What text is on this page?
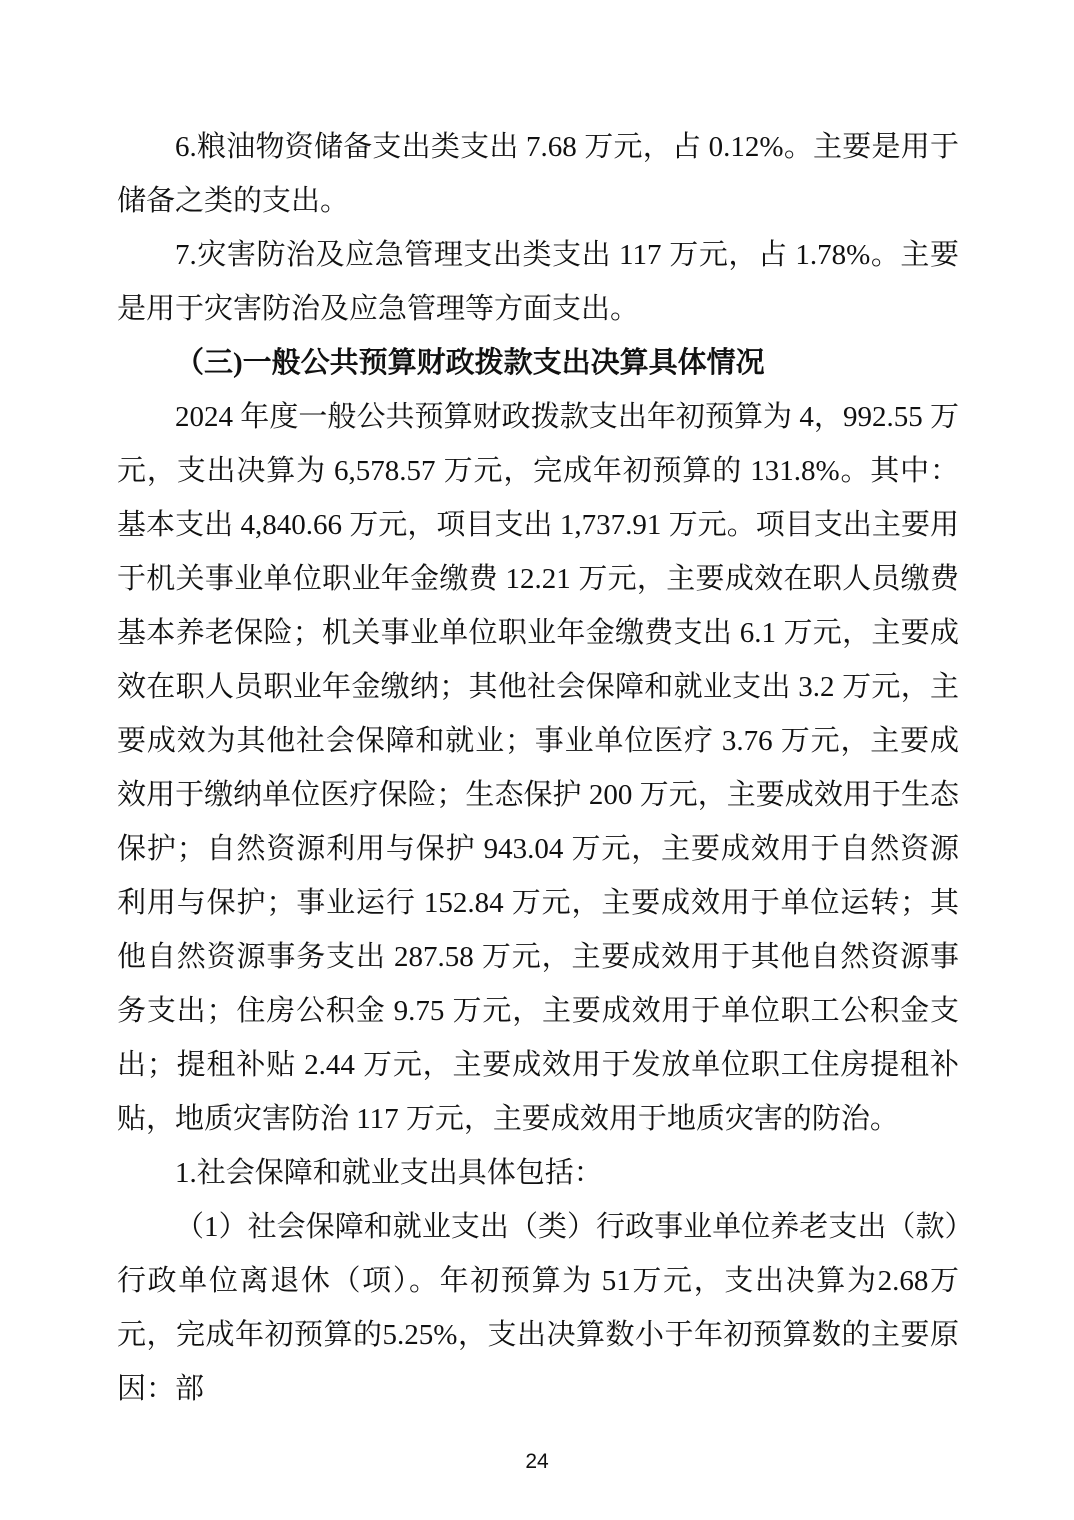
6.粮油物资储备支出类支出 7.68 万元，占 0.12%。主要是用于储备之类的支出。

7.灾害防治及应急管理支出类支出 117 万元，占 1.78%。主要是用于灾害防治及应急管理等方面支出。

（三)一般公共预算财政拨款支出决算具体情况

2024 年度一般公共预算财政拨款支出年初预算为 4，992.55 万元，支出决算为 6,578.57 万元，完成年初预算的 131.8%。其中：基本支出 4,840.66 万元，项目支出 1,737.91 万元。项目支出主要用于机关事业单位职业年金缴费 12.21 万元，主要成效在职人员缴费基本养老保险；机关事业单位职业年金缴费支出 6.1 万元，主要成效在职人员职业年金缴纳；其他社会保障和就业支出 3.2 万元，主要成效为其他社会保障和就业；事业单位医疗 3.76 万元，主要成效用于缴纳单位医疗保险；生态保护 200 万元，主要成效用于生态保护；自然资源利用与保护 943.04 万元，主要成效用于自然资源利用与保护；事业运行 152.84 万元，主要成效用于单位运转；其他自然资源事务支出 287.58 万元，主要成效用于其他自然资源事务支出；住房公积金 9.75 万元，主要成效用于单位职工公积金支出；提租补贴 2.44 万元，主要成效用于发放单位职工住房提租补贴，地质灾害防治 117 万元，主要成效用于地质灾害的防治。

1.社会保障和就业支出具体包括：

（1）社会保障和就业支出（类）行政事业单位养老支出（款）行政单位离退休（项）。年初预算为 51万元，支出决算为2.68万元，完成年初预算的5.25%，支出决算数小于年初预算数的主要原因：部

24
